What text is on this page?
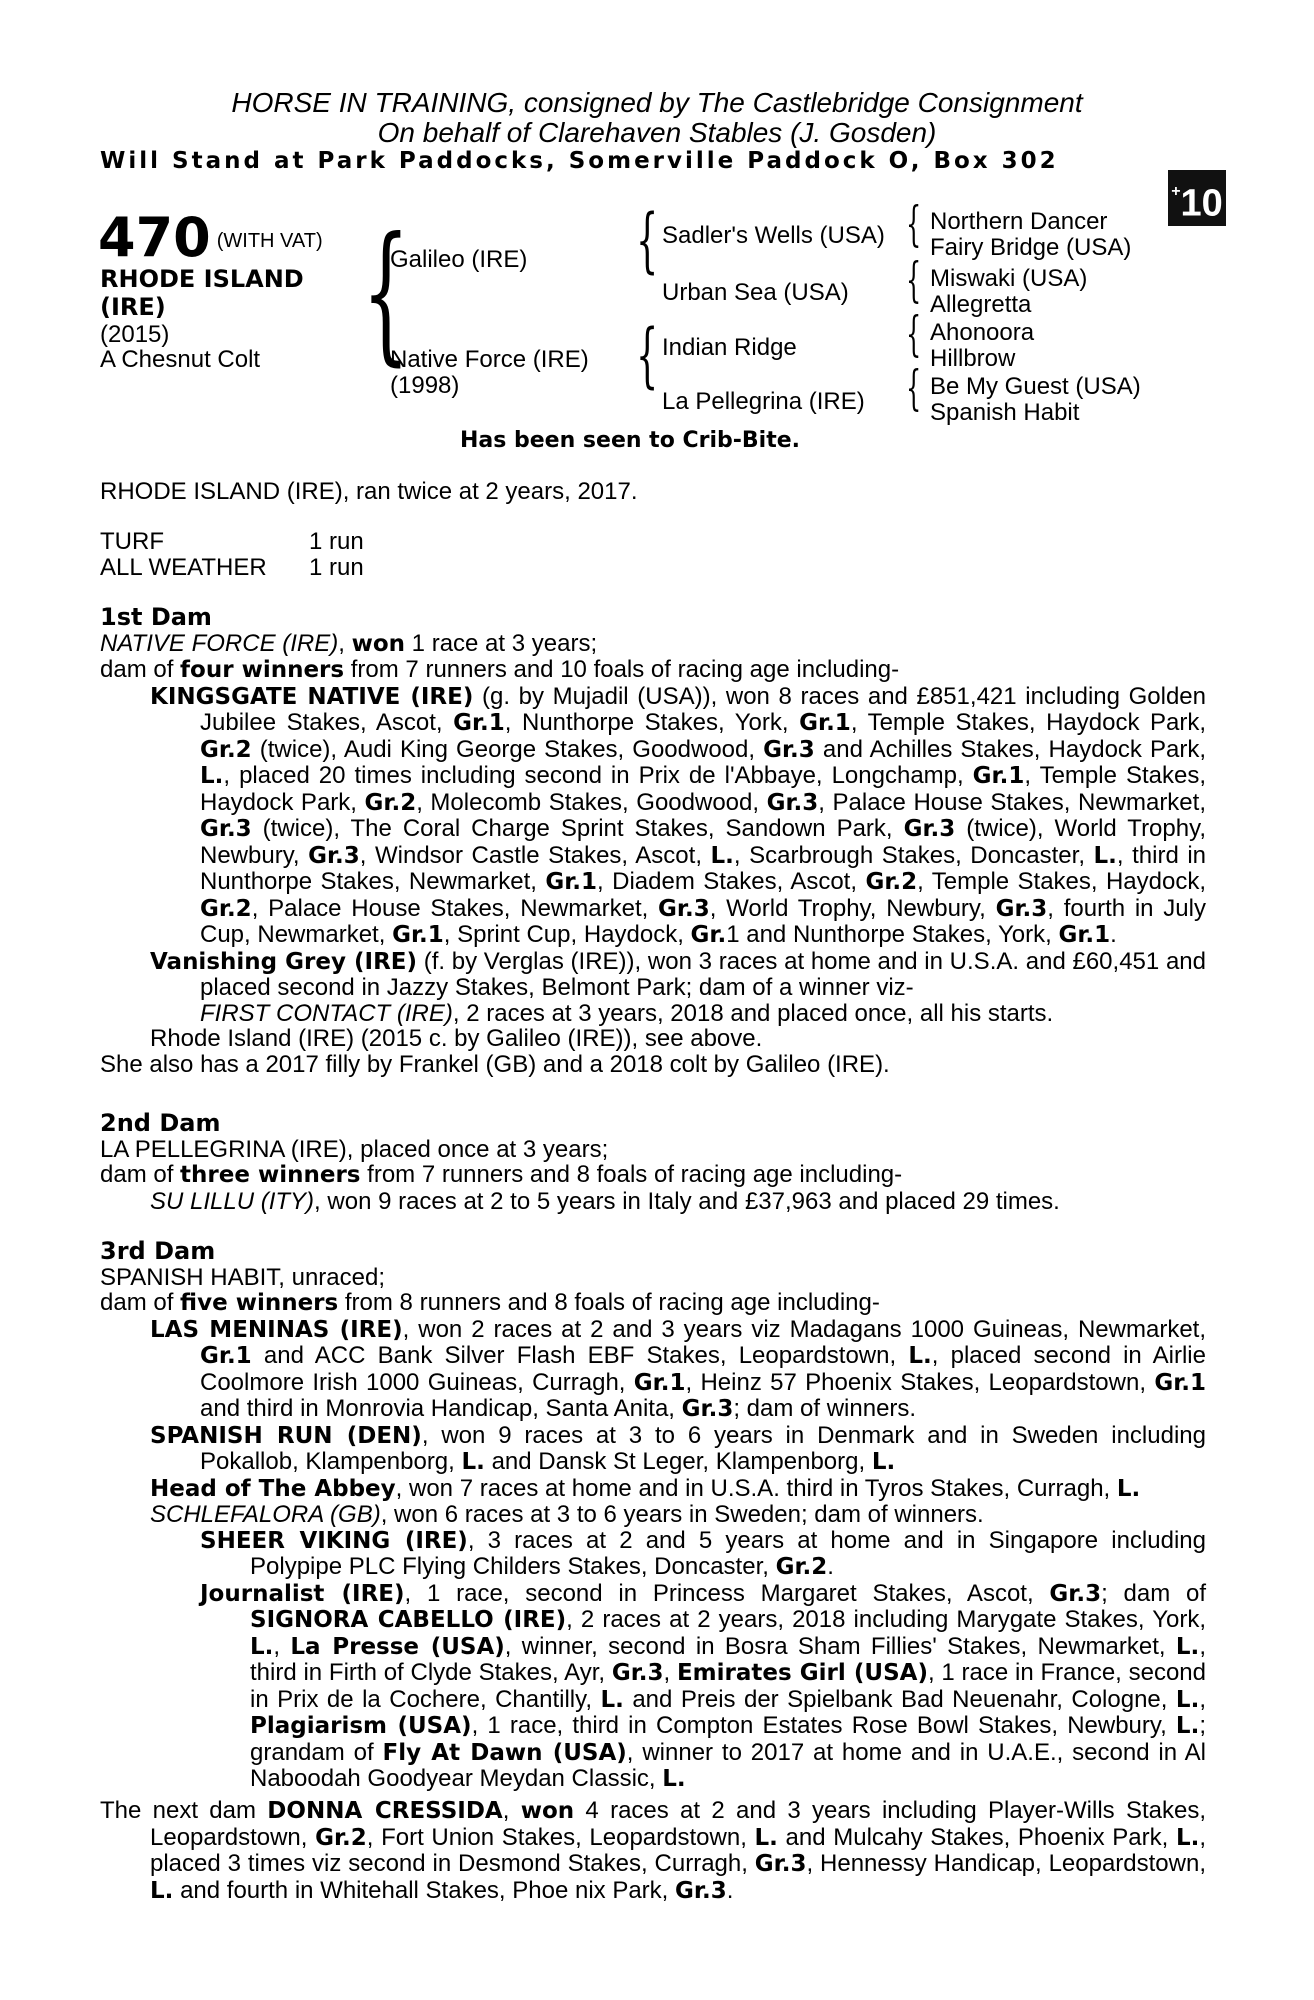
HORSE IN TRAINING, consigned by The Castlebridge Consignment
On behalf of Clarehaven Stables (J. Gosden)
Will Stand at Park Paddocks, Somerville Paddock O, Box 302
+10
470 (WITH VAT)
RHODE ISLAND
(IRE)
(2015)
A Chesnut Colt {
Galileo (IRE)
Native Force (IRE)
(1998)
{
{
Sadler's Wells (USA)
Urban Sea (USA)
Indian Ridge
La Pellegrina (IRE)
{
{
{
{
Northern Dancer
Fairy Bridge (USA)
Miswaki (USA)
Allegretta
Ahonoora
Hillbrow
Be My Guest (USA)
Spanish Habit
Has been seen to Crib-Bite.
RHODE ISLAND (IRE), ran twice at 2 years, 2017.
TURF	1 run
ALL WEATHER 1 run
1st Dam
NATIVE FORCE (IRE), won 1 race at 3 years;
dam of four winners from 7 runners and 10 foals of racing age including-
KINGSGATE NATIVE (IRE) (g. by Mujadil (USA)), won 8 races and £851,421 including Golden Jubilee Stakes, Ascot, Gr.1, Nunthorpe Stakes, York, Gr.1, Temple Stakes, Haydock Park, Gr.2 (twice), Audi King George Stakes, Goodwood, Gr.3 and Achilles Stakes, Haydock Park, L., placed 20 times including second in Prix de l'Abbaye, Longchamp, Gr.1, Temple Stakes, Haydock Park, Gr.2, Molecomb Stakes, Goodwood, Gr.3, Palace House Stakes, Newmarket, Gr.3 (twice), The Coral Charge Sprint Stakes, Sandown Park, Gr.3 (twice), World Trophy, Newbury, Gr.3, Windsor Castle Stakes, Ascot, L., Scarbrough Stakes, Doncaster, L., third in Nunthorpe Stakes, Newmarket, Gr.1, Diadem Stakes, Ascot, Gr.2, Temple Stakes, Haydock, Gr.2, Palace House Stakes, Newmarket, Gr.3, World Trophy, Newbury, Gr.3, fourth in July Cup, Newmarket, Gr.1, Sprint Cup, Haydock, Gr.1 and Nunthorpe Stakes, York, Gr.1.
Vanishing Grey (IRE) (f. by Verglas (IRE)), won 3 races at home and in U.S.A. and £60,451 and placed second in Jazzy Stakes, Belmont Park; dam of a winner viz-
FIRST CONTACT (IRE), 2 races at 3 years, 2018 and placed once, all his starts.
Rhode Island (IRE) (2015 c. by Galileo (IRE)), see above.
She also has a 2017 filly by Frankel (GB) and a 2018 colt by Galileo (IRE).
2nd Dam
LA PELLEGRINA (IRE), placed once at 3 years;
dam of three winners from 7 runners and 8 foals of racing age including-
SU LILLU (ITY), won 9 races at 2 to 5 years in Italy and £37,963 and placed 29 times.
3rd Dam
SPANISH HABIT, unraced;
dam of five winners from 8 runners and 8 foals of racing age including-
LAS MENINAS (IRE), won 2 races at 2 and 3 years viz Madagans 1000 Guineas, Newmarket, Gr.1 and ACC Bank Silver Flash EBF Stakes, Leopardstown, L., placed second in Airlie Coolmore Irish 1000 Guineas, Curragh, Gr.1, Heinz 57 Phoenix Stakes, Leopardstown, Gr.1 and third in Monrovia Handicap, Santa Anita, Gr.3; dam of winners.
SPANISH RUN (DEN), won 9 races at 3 to 6 years in Denmark and in Sweden including Pokallob, Klampenborg, L. and Dansk St Leger, Klampenborg, L.
Head of The Abbey, won 7 races at home and in U.S.A. third in Tyros Stakes, Curragh, L.
SCHLEFALORA (GB), won 6 races at 3 to 6 years in Sweden; dam of winners.
SHEER VIKING (IRE), 3 races at 2 and 5 years at home and in Singapore including Polypipe PLC Flying Childers Stakes, Doncaster, Gr.2.
Journalist (IRE), 1 race, second in Princess Margaret Stakes, Ascot, Gr.3; dam of SIGNORA CABELLO (IRE), 2 races at 2 years, 2018 including Marygate Stakes, York, L., La Presse (USA), winner, second in Bosra Sham Fillies' Stakes, Newmarket, L., third in Firth of Clyde Stakes, Ayr, Gr.3, Emirates Girl (USA), 1 race in France, second in Prix de la Cochere, Chantilly, L. and Preis der Spielbank Bad Neuenahr, Cologne, L., Plagiarism (USA), 1 race, third in Compton Estates Rose Bowl Stakes, Newbury, L.; grandam of Fly At Dawn (USA), winner to 2017 at home and in U.A.E., second in Al Naboodah Goodyear Meydan Classic, L.
The next dam DONNA CRESSIDA, won 4 races at 2 and 3 years including Player-Wills Stakes, Leopardstown, Gr.2, Fort Union Stakes, Leopardstown, L. and Mulcahy Stakes, Phoenix Park, L., placed 3 times viz second in Desmond Stakes, Curragh, Gr.3, Hennessy Handicap, Leopardstown, L. and fourth in Whitehall Stakes, Phoe nix Park, Gr.3.
